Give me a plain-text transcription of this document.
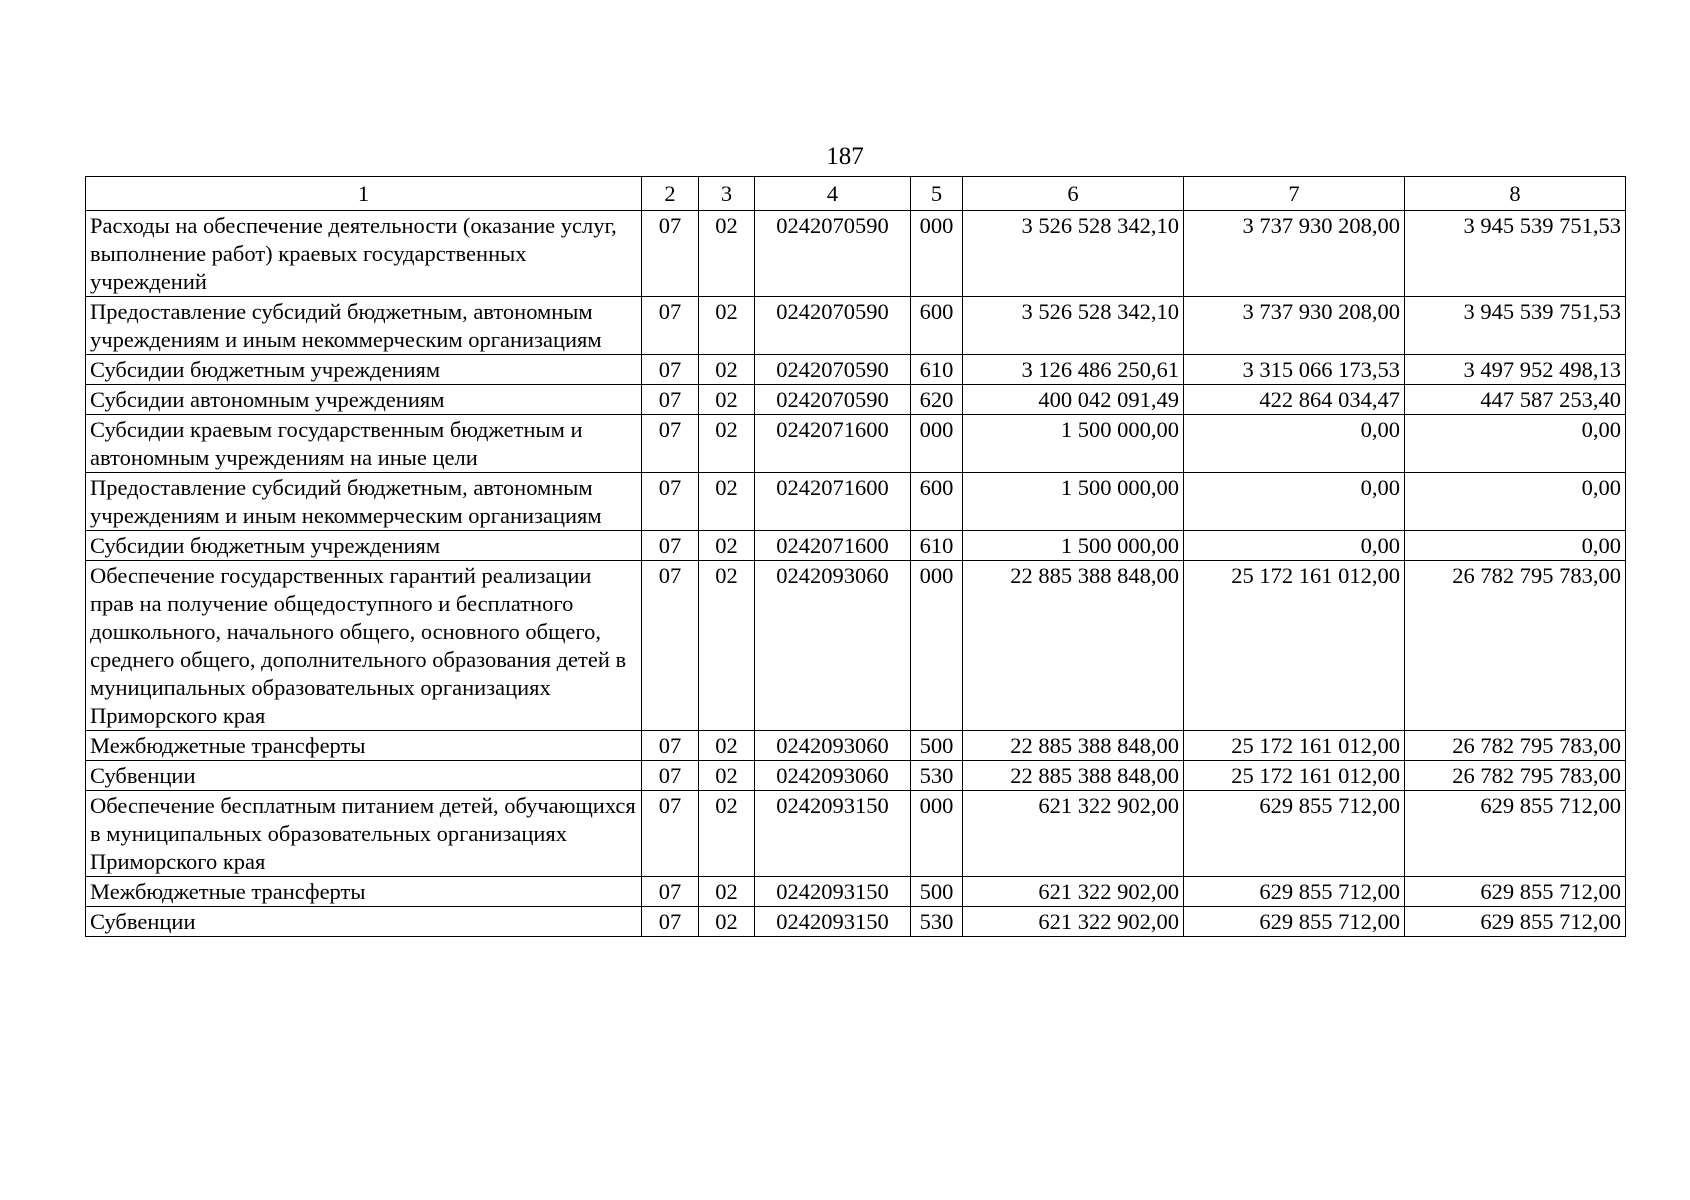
187
1	2	3	4	5	6	7	8
Расходы на обеспечение деятельности (оказание услуг, выполнение работ) краевых государственных учреждений	07	02	0242070590	000	3 526 528 342,10	3 737 930 208,00	3 945 539 751,53
Предоставление субсидий бюджетным, автономным учреждениям и иным некоммерческим организациям	07	02	0242070590	600	3 526 528 342,10	3 737 930 208,00	3 945 539 751,53
Субсидии бюджетным учреждениям	07	02	0242070590	610	3 126 486 250,61	3 315 066 173,53	3 497 952 498,13
Субсидии автономным учреждениям	07	02	0242070590	620	400 042 091,49	422 864 034,47	447 587 253,40
Субсидии краевым государственным бюджетным и автономным учреждениям на иные цели	07	02	0242071600	000	1 500 000,00	0,00	0,00
Предоставление субсидий бюджетным, автономным учреждениям и иным некоммерческим организациям	07	02	0242071600	600	1 500 000,00	0,00	0,00
Субсидии бюджетным учреждениям	07	02	0242071600	610	1 500 000,00	0,00	0,00
Обеспечение государственных гарантий реализации прав на получение общедоступного и бесплатного дошкольного, начального общего, основного общего, среднего общего, дополнительного образования детей в муниципальных образовательных организациях Приморского края	07	02	0242093060	000	22 885 388 848,00	25 172 161 012,00	26 782 795 783,00
Межбюджетные трансферты	07	02	0242093060	500	22 885 388 848,00	25 172 161 012,00	26 782 795 783,00
Субвенции	07	02	0242093060	530	22 885 388 848,00	25 172 161 012,00	26 782 795 783,00
Обеспечение бесплатным питанием детей, обучающихся в муниципальных образовательных организациях Приморского края	07	02	0242093150	000	621 322 902,00	629 855 712,00	629 855 712,00
Межбюджетные трансферты	07	02	0242093150	500	621 322 902,00	629 855 712,00	629 855 712,00
Субвенции	07	02	0242093150	530	621 322 902,00	629 855 712,00	629 855 712,00
